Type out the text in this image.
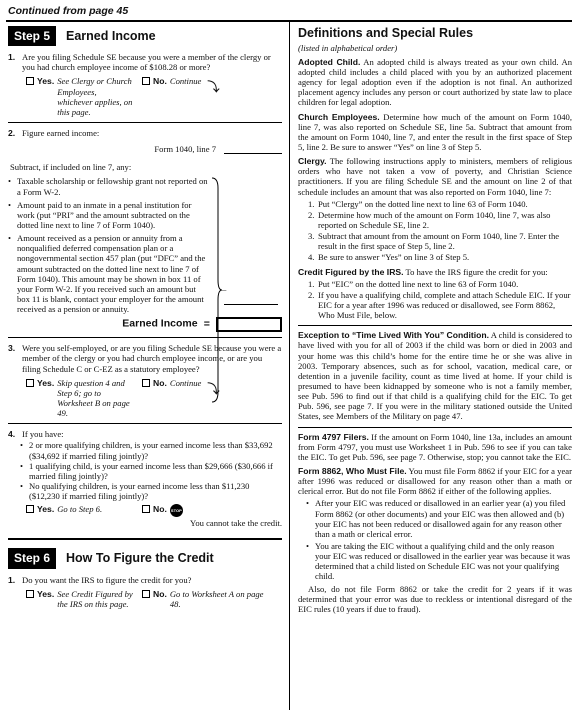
Continued from page 45
Step 5	Earned Income
1. Are you filing Schedule SE because you were a member of the clergy or you had church employee income of $108.28 or more?
Yes. See Clergy or Church Employees, whichever applies, on this page.
No. Continue ⤵
2. Figure earned income:
Form 1040, line 7
Subtract, if included on line 7, any:
• Taxable scholarship or fellowship grant not reported on a Form W-2.
• Amount paid to an inmate in a penal institution for work (put “PRI” and the amount subtracted on the dotted line next to line 7 of Form 1040).
• Amount received as a pension or annuity from a nonqualified deferred compensation plan or a nongovernmental section 457 plan (put “DFC” and the amount subtracted on the dotted line next to line 7 of Form 1040). This amount may be shown in box 11 of your Form W-2. If you received such an amount but box 11 is blank, contact your employer for the amount received as a pension or annuity.
–
Earned Income =
3. Were you self-employed, or are you filing Schedule SE because you were a member of the clergy or you had church employee income, or are you filing Schedule C or C-EZ as a statutory employee?
Yes. Skip question 4 and Step 6; go to Worksheet B on page 49.
No. Continue ⤵
4. If you have:
• 2 or more qualifying children, is your earned income less than $33,692 ($34,692 if married filing jointly)?
• 1 qualifying child, is your earned income less than $29,666 ($30,666 if married filing jointly)?
• No qualifying children, is your earned income less than $11,230 ($12,230 if married filing jointly)?
Yes. Go to Step 6.	No. STOP
You cannot take the credit.
Step 6	How To Figure the Credit
1. Do you want the IRS to figure the credit for you?
Yes. See Credit Figured by the IRS on this page.
No. Go to Worksheet A on page 48.
Definitions and Special Rules
(listed in alphabetical order)
Adopted Child. An adopted child is always treated as your own child. An adopted child includes a child placed with you by an authorized placement agency for legal adoption even if the adoption is not final. An authorized placement agency includes any person or court authorized by state law to place children for legal adoption.
Church Employees. Determine how much of the amount on Form 1040, line 7, was also reported on Schedule SE, line 5a. Subtract that amount from the amount on Form 1040, line 7, and enter the result in the first space of Step 5, line 2. Be sure to answer “Yes” on line 3 of Step 5.
Clergy. The following instructions apply to ministers, members of religious orders who have not taken a vow of poverty, and Christian Science practitioners. If you are filing Schedule SE and the amount on line 2 of that schedule includes an amount that was also reported on Form 1040, line 7:
1. Put “Clergy” on the dotted line next to line 63 of Form 1040.
2. Determine how much of the amount on Form 1040, line 7, was also reported on Schedule SE, line 2.
3. Subtract that amount from the amount on Form 1040, line 7. Enter the result in the first space of Step 5, line 2.
4. Be sure to answer “Yes” on line 3 of Step 5.
Credit Figured by the IRS. To have the IRS figure the credit for you:
1. Put “EIC” on the dotted line next to line 63 of Form 1040.
2. If you have a qualifying child, complete and attach Schedule EIC. If your EIC for a year after 1996 was reduced or disallowed, see Form 8862, Who Must File, below.
Exception to “Time Lived With You” Condition. A child is considered to have lived with you for all of 2003 if the child was born or died in 2003 and your home was this child’s home for the entire time he or she was alive in 2003. Temporary absences, such as for school, vacation, medical care, or detention in a juvenile facility, count as time lived at home. If your child is presumed to have been kidnapped by someone who is not a family member, see Pub. 596 to find out if that child is a qualifying child for the EIC. To get Pub. 596, see page 7. If you were in the military stationed outside the United States, see Members of the Military on page 47.
Form 4797 Filers. If the amount on Form 1040, line 13a, includes an amount from Form 4797, you must use Worksheet 1 in Pub. 596 to see if you can take the EIC. To get Pub. 596, see page 7. Otherwise, stop; you cannot take the EIC.
Form 8862, Who Must File. You must file Form 8862 if your EIC for a year after 1996 was reduced or disallowed for any reason other than a math or clerical error. But do not file Form 8862 if either of the following applies.
• After your EIC was reduced or disallowed in an earlier year (a) you filed Form 8862 (or other documents) and your EIC was then allowed and (b) your EIC has not been reduced or disallowed again for any reason other than a math or clerical error.
• You are taking the EIC without a qualifying child and the only reason your EIC was reduced or disallowed in the earlier year was because it was determined that a child listed on Schedule EIC was not your qualifying child.
Also, do not file Form 8862 or take the credit for 2 years if it was determined that your error was due to reckless or intentional disregard of the EIC rules (10 years if due to fraud).
